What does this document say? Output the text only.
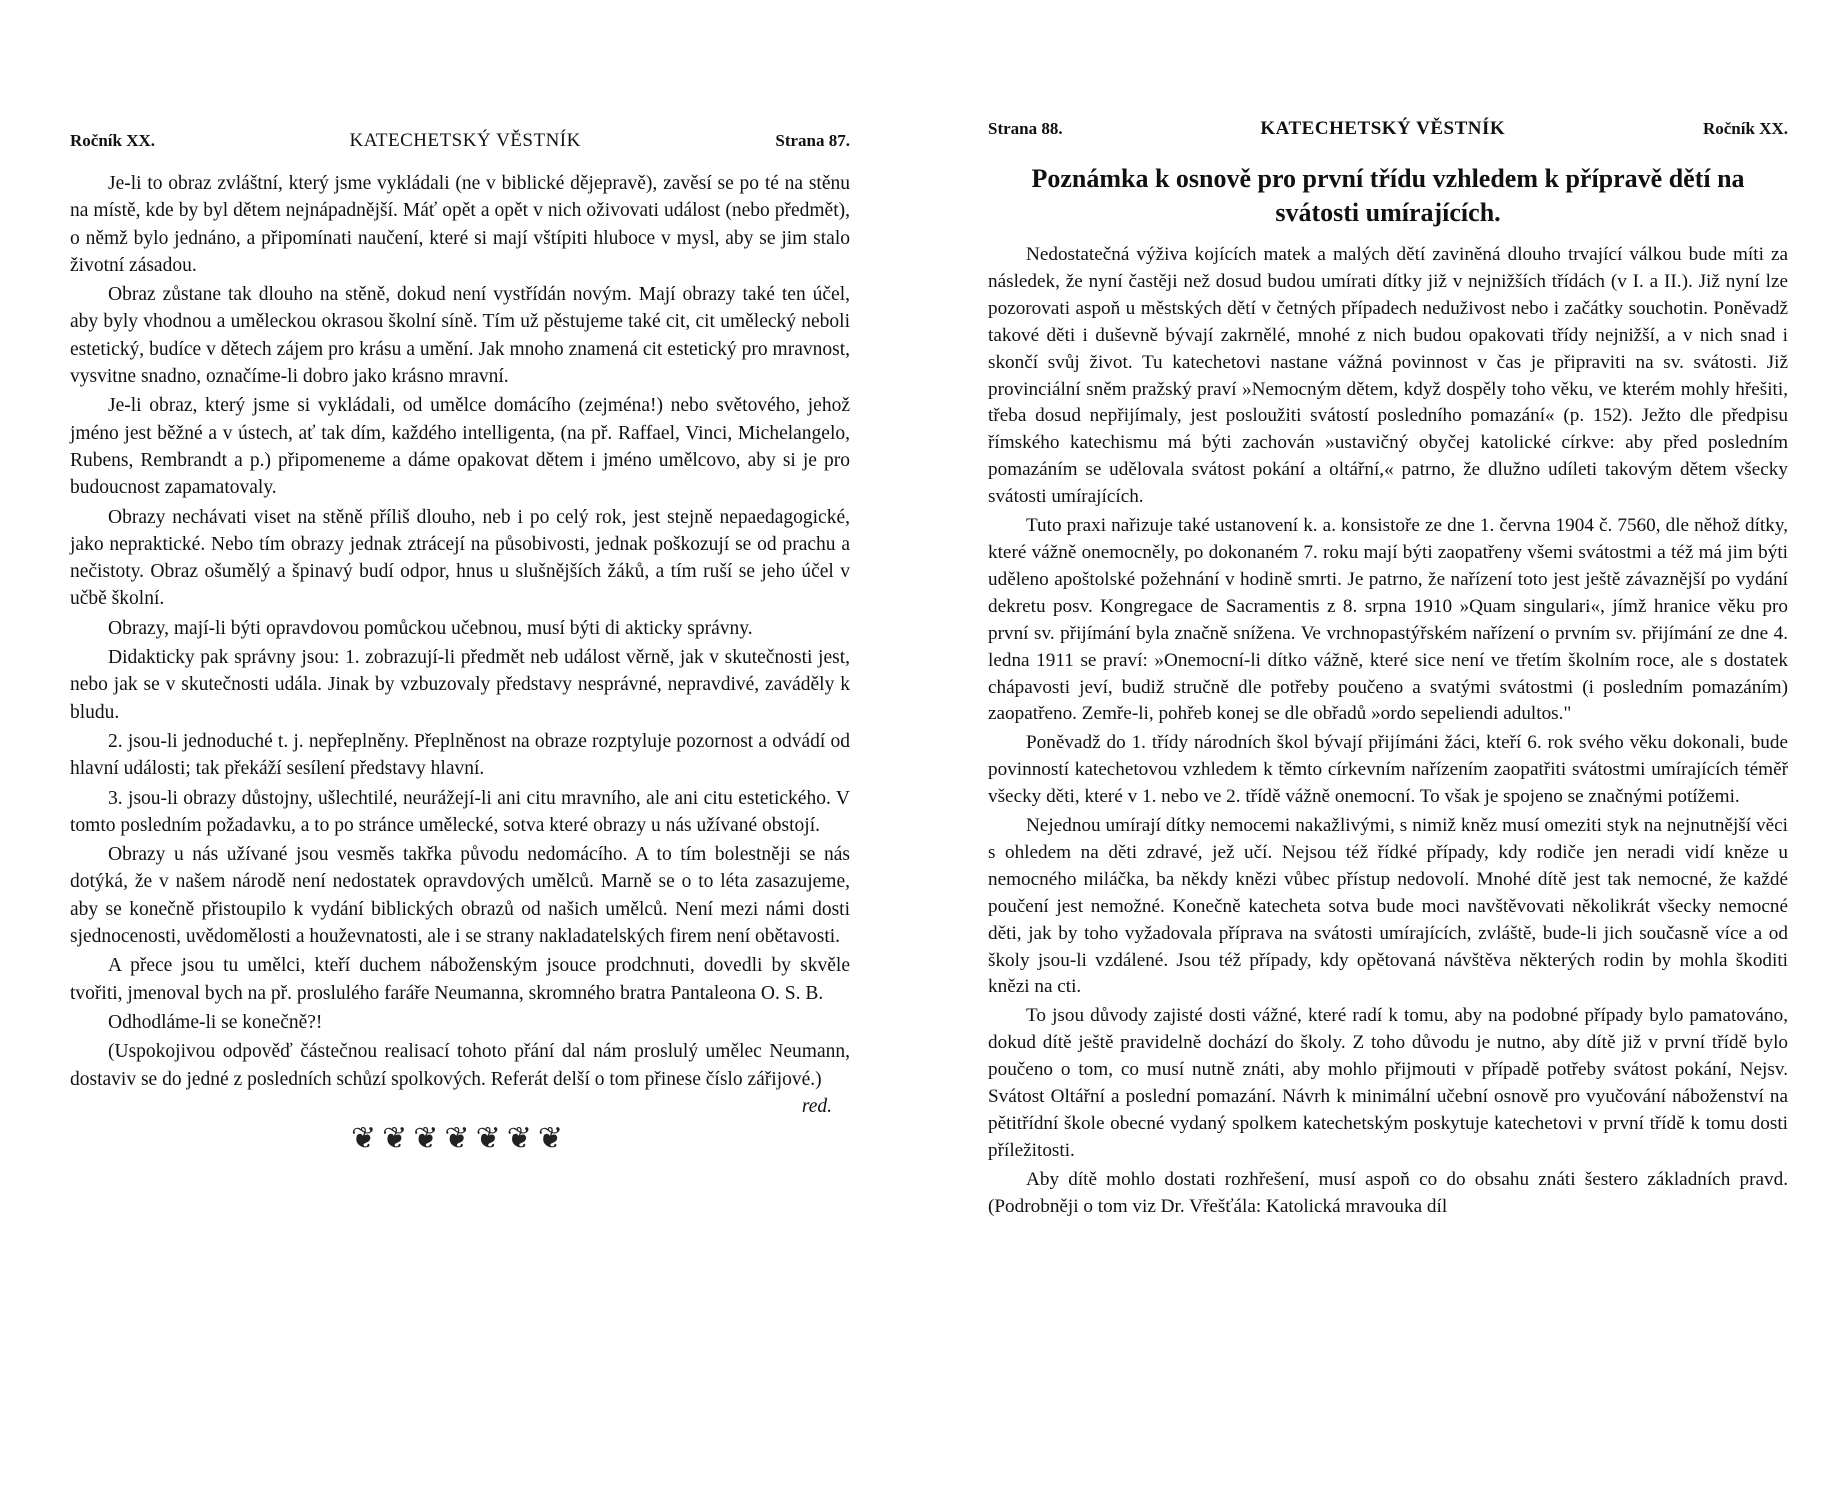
Ročník XX.	KATECHETSKÝ VĚSTNÍK	Strana 87.

Je-li to obraz zvláštní, který jsme vykládali (ne v biblické dějepravě), zavěsí se po té na stěnu na místě, kde by byl dětem nejnápadnější. Máť opět a opět v nich oživovati událost (nebo předmět), o němž bylo jednáno, a připomínati naučení, které si mají vštípiti hluboce v mysl, aby se jim stalo životní zásadou.

Obraz zůstane tak dlouho na stěně, dokud není vystřídán novým. Mají obrazy také ten účel, aby byly vhodnou a uměleckou okrasou školní síně. Tím už pěstujeme také cit, cit umělecký neboli estetický, budíce v dětech zájem pro krásu a umění. Jak mnoho znamená cit estetický pro mravnost, vysvitne snadno, označíme-li dobro jako krásno mravní.

Je-li obraz, který jsme si vykládali, od umělce domácího (zejména!) nebo světového, jehož jméno jest běžné a v ústech, ať tak dím, každého intelligenta, (na př. Raffael, Vinci, Michelangelo, Rubens, Rembrandt a p.) připomeneme a dáme opakovat dětem i jméno umělcovo, aby si je pro budoucnost zapamatovaly.

Obrazy nechávati viset na stěně příliš dlouho, neb i po celý rok, jest stejně nepaedagogické, jako nepraktické. Nebo tím obrazy jednak ztrácejí na působivosti, jednak poškozují se od prachu a nečistoty. Obraz ošumělý a špinavý budí odpor, hnus u slušnějších žáků, a tím ruší se jeho účel v učbě školní.

Obrazy, mají-li býti opravdovou pomůckou učebnou, musí býti di akticky správny.

Didakticky pak správny jsou: 1. zobrazují-li předmět neb událost věrně, jak v skutečnosti jest, nebo jak se v skutečnosti udála. Jinak by vzbuzovaly představy nesprávné, nepravdivé, zaváděly k bludu.

2. jsou-li jednoduché t. j. nepřeplněny. Přeplněnost na obraze rozptyluje pozornost a odvádí od hlavní události; tak překáží sesílení představy hlavní.

3. jsou-li obrazy důstojny, ušlechtilé, neurážejí-li ani citu mravního, ale ani citu estetického. V tomto posledním požadavku, a to po stránce umělecké, sotva které obrazy u nás užívané obstojí.

Obrazy u nás užívané jsou vesměs takřka původu nedomácího. A to tím bolestněji se nás dotýká, že v našem národě není nedostatek opravdových umělců. Marně se o to léta zasazujeme, aby se konečně přistoupilo k vydání biblických obrazů od našich umělců. Není mezi námi dosti sjednocenosti, uvědomělosti a houževnatosti, ale i se strany nakladatelských firem není obětavosti.

A přece jsou tu umělci, kteří duchem náboženským jsouce prodchnuti, dovedli by skvěle tvořiti, jmenoval bych na př. proslulého faráře Neumanna, skromného bratra Pantaleona O. S. B.

Odhodláme-li se konečně?!

(Uspokojivou odpověď částečnou realisací tohoto přání dal nám proslulý umělec Neumann, dostaviv se do jedné z posledních schůzí spolkových. Referát delší o tom přinese číslo zářijové.)
red.

❦❦❦❦❦❦❦
Strana 88.	KATECHETSKÝ VĚSTNÍK	Ročník XX.
Poznámka k osnově pro první třídu vzhledem k přípravě dětí na svátosti umírajících.

Nedostatečná výživa kojících matek a malých dětí zaviněná dlouho trvající válkou bude míti za následek, že nyní častěji než dosud budou umírati dítky již v nejnižších třídách (v I. a II.). Již nyní lze pozorovati aspoň u městských dětí v četných případech neduživost nebo i začátky souchotin. Poněvadž takové děti i duševně bývají zakrnělé, mnohé z nich budou opakovati třídy nejnižší, a v nich snad i skončí svůj život. Tu katechetovi nastane vážná povinnost v čas je připraviti na sv. svátosti. Již provinciální sněm pražský praví »Nemocným dětem, když dospěly toho věku, ve kterém mohly hřešiti, třeba dosud nepřijímaly, jest posloužiti svátostí posledního pomazání« (p. 152). Ježto dle předpisu římského katechismu má býti zachován »ustavičný obyčej katolické církve: aby před posledním pomazáním se udělovala svátost pokání a oltářní,« patrno, že dlužno udíleti takovým dětem všecky svátosti umírajících.

Tuto praxi nařizuje také ustanovení k. a. konsistoře ze dne 1. června 1904 č. 7560, dle něhož dítky, které vážně onemocněly, po dokonaném 7. roku mají býti zaopatřeny všemi svátostmi a též má jim býti uděleno apoštolské požehnání v hodině smrti. Je patrno, že nařízení toto jest ještě závaznější po vydání dekretu posv. Kongregace de Sacramentis z 8. srpna 1910 »Quam singulari«, jímž hranice věku pro první sv. přijímání byla značně snížena. Ve vrchnopastýřském nařízení o prvním sv. přijímání ze dne 4. ledna 1911 se praví: »Onemocní-li dítko vážně, které sice není ve třetím školním roce, ale s dostatek chápavosti jeví, budiž stručně dle potřeby poučeno a svatými svátostmi (i posledním pomazáním) zaopatřeno. Zemře-li, pohřeb konej se dle obřadů »ordo sepeliendi adultos."

Poněvadž do 1. třídy národních škol bývají přijímáni žáci, kteří 6. rok svého věku dokonali, bude povinností katechetovou vzhledem k těmto církevním nařízením zaopatřiti svátostmi umírajících téměř všecky děti, které v 1. nebo ve 2. třídě vážně onemocní. To však je spojeno se značnými potížemi.

Nejednou umírají dítky nemocemi nakažlivými, s nimiž kněz musí omeziti styk na nejnutnější věci s ohledem na děti zdravé, jež učí. Nejsou též řídké případy, kdy rodiče jen neradi vidí kněze u nemocného miláčka, ba někdy knězi vůbec přístup nedovolí. Mnohé dítě jest tak nemocné, že každé poučení jest nemožné. Konečně katecheta sotva bude moci navštěvovati několikrát všecky nemocné děti, jak by toho vyžadovala příprava na svátosti umírajících, zvláště, bude-li jich současně více a od školy jsou-li vzdálené. Jsou též případy, kdy opětovaná návštěva některých rodin by mohla škoditi knězi na cti.

To jsou důvody zajisté dosti vážné, které radí k tomu, aby na podobné případy bylo pamatováno, dokud dítě ještě pravidelně dochází do školy. Z toho důvodu je nutno, aby dítě již v první třídě bylo poučeno o tom, co musí nutně znáti, aby mohlo přijmouti v případě potřeby svátost pokání, Nejsv. Svátost Oltářní a poslední pomazání. Návrh k minimální učební osnově pro vyučování náboženství na pětitřídní škole obecné vydaný spolkem katechetským poskytuje katechetovi v první třídě k tomu dosti příležitosti.

Aby dítě mohlo dostati rozhřešení, musí aspoň co do obsahu znáti šestero základních pravd. (Podrobněji o tom viz Dr. Vřešťála: Katolická mravouka díl
